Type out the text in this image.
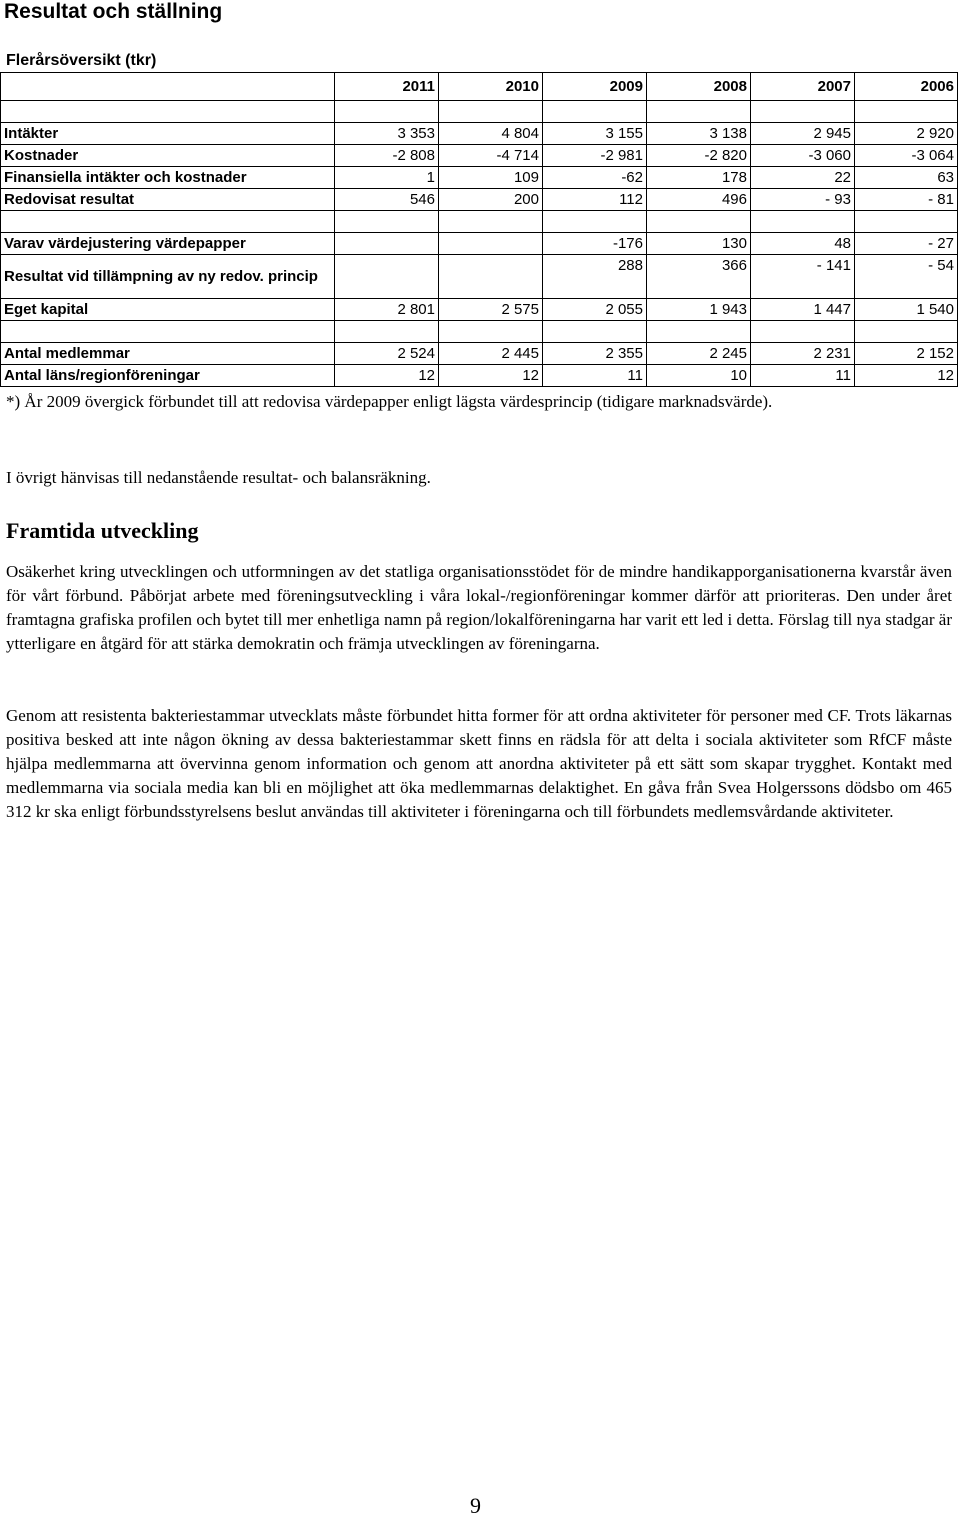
Resultat och ställning
Flerårsöversikt (tkr)
	2011	2010	2009	2008	2007	2006

Intäkter	3 353	4 804	3 155	3 138	2 945	2 920
Kostnader	-2 808	-4 714	-2 981	-2 820	-3 060	-3 064
Finansiella intäkter och kostnader	1	109	-62	178	22	63
Redovisat resultat	546	200	112	496	- 93	- 81

Varav värdejustering värdepapper			-176	130	48	- 27
Resultat vid tillämpning av ny redov. princip			288	366	- 141	- 54
Eget kapital	2 801	2 575	2 055	1 943	1 447	1 540

Antal medlemmar	2 524	2 445	2 355	2 245	2 231	2 152
Antal läns/regionföreningar	12	12	11	10	11	12
*) År 2009 övergick förbundet till att redovisa värdepapper enligt lägsta värdesprincip (tidigare marknadsvärde).
I övrigt hänvisas till nedanstående resultat- och balansräkning.
Framtida utveckling

Osäkerhet kring utvecklingen och utformningen av det statliga organisationsstödet för de mindre handikapporganisationerna kvarstår även för vårt förbund. Påbörjat arbete med föreningsutveckling i våra lokal-/regionföreningar kommer därför att prioriteras. Den under året framtagna grafiska profilen och bytet till mer enhetliga namn på region/lokalföreningarna har varit ett led i detta. Förslag till nya stadgar är ytterligare en åtgärd för att stärka demokratin och främja utvecklingen av föreningarna.

Genom att resistenta bakteriestammar utvecklats måste förbundet hitta former för att ordna aktiviteter för personer med CF. Trots läkarnas positiva besked att inte någon ökning av dessa bakteriestammar skett finns en rädsla för att delta i sociala aktiviteter som RfCF måste hjälpa medlemmarna att övervinna genom information och genom att anordna aktiviteter på ett sätt som skapar trygghet. Kontakt med medlemmarna via sociala media kan bli en möjlighet att öka medlemmarnas delaktighet. En gåva från Svea Holgerssons dödsbo om 465 312 kr ska enligt förbundsstyrelsens beslut användas till aktiviteter i föreningarna och till förbundets medlemsvårdande aktiviteter.

9
